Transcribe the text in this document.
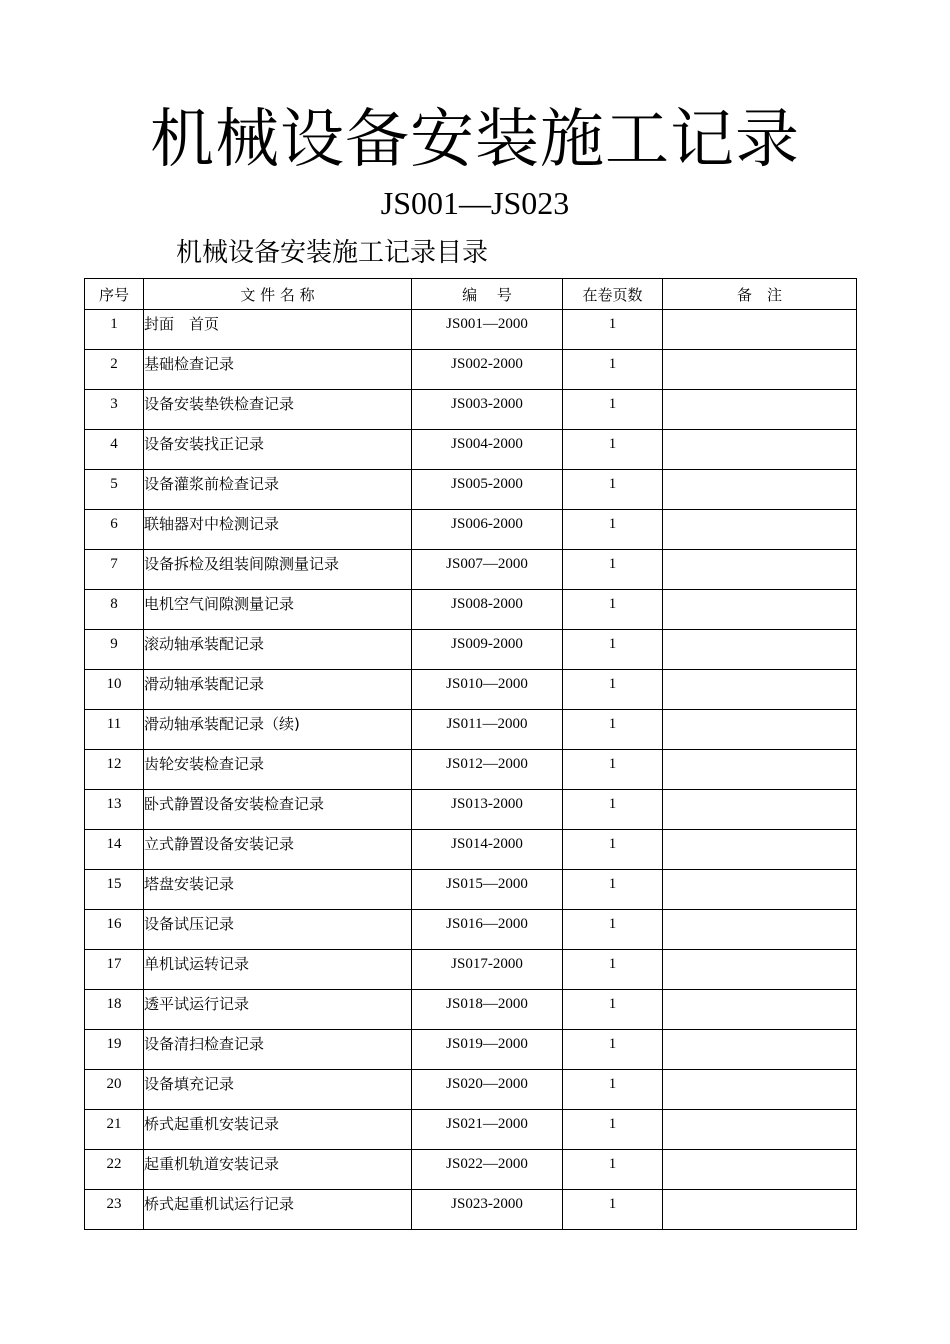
机械设备安装施工记录
JS001—JS023
机械设备安装施工记录目录
序号	文 件 名 称	编　 号	在卷页数	备　注
1	封面　首页	JS001—2000	1	
2	基础检查记录	JS002-2000	1	
3	设备安装垫铁检查记录	JS003-2000	1	
4	设备安装找正记录	JS004-2000	1	
5	设备灌浆前检查记录	JS005-2000	1	
6	联轴器对中检测记录	JS006-2000	1	
7	设备拆检及组装间隙测量记录	JS007—2000	1	
8	电机空气间隙测量记录	JS008-2000	1	
9	滚动轴承装配记录	JS009-2000	1	
10	滑动轴承装配记录	JS010—2000	1	
11	滑动轴承装配记录（续)	JS011—2000	1	
12	齿轮安装检查记录	JS012—2000	1	
13	卧式静置设备安装检查记录	JS013-2000	1	
14	立式静置设备安装记录	JS014-2000	1	
15	塔盘安装记录	JS015—2000	1	
16	设备试压记录	JS016—2000	1	
17	单机试运转记录	JS017-2000	1	
18	透平试运行记录	JS018—2000	1	
19	设备清扫检查记录	JS019—2000	1	
20	设备填充记录	JS020—2000	1	
21	桥式起重机安装记录	JS021—2000	1	
22	起重机轨道安装记录	JS022—2000	1	
23	桥式起重机试运行记录	JS023-2000	1	
